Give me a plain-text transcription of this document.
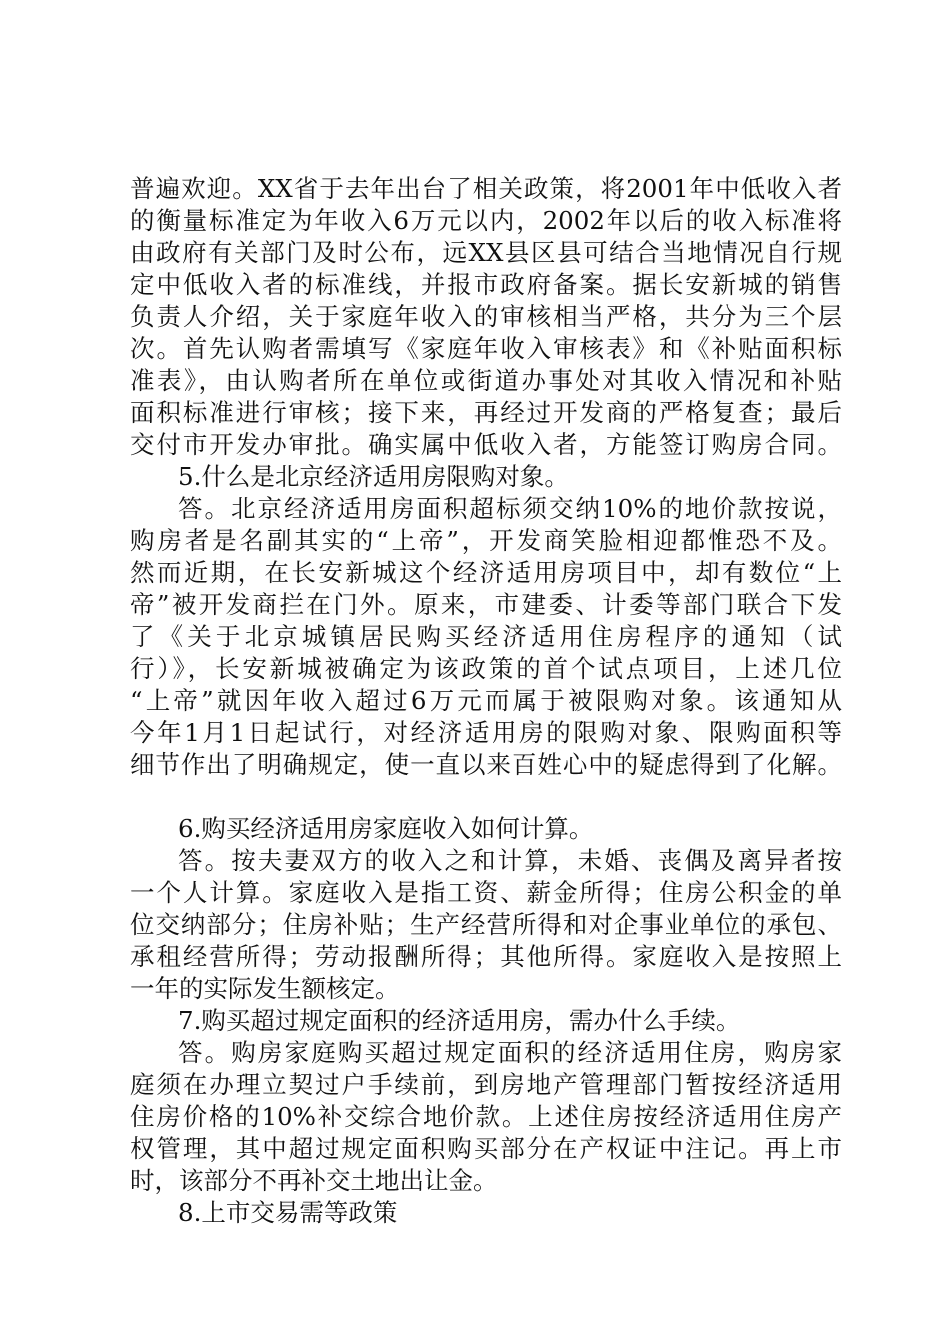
普遍欢迎。XX省于去年出台了相关政策，将2001年中低收入者
的衡量标准定为年收入6万元以内，2002年以后的收入标准将
由政府有关部门及时公布，远XX县区县可结合当地情况自行规
定中低收入者的标准线，并报市政府备案。据长安新城的销售
负责人介绍，关于家庭年收入的审核相当严格，共分为三个层
次。首先认购者需填写《家庭年收入审核表》和《补贴面积标
准表》，由认购者所在单位或街道办事处对其收入情况和补贴
面积标准进行审核；接下来，再经过开发商的严格复查；最后
交付市开发办审批。确实属中低收入者，方能签订购房合同。
5.什么是北京经济适用房限购对象。
答。北京经济适用房面积超标须交纳10%的地价款按说，
购房者是名副其实的“上帝”，开发商笑脸相迎都惟恐不及。
然而近期，在长安新城这个经济适用房项目中，却有数位“上
帝”被开发商拦在门外。原来，市建委、计委等部门联合下发
了《关于北京城镇居民购买经济适用住房程序的通知（试
行）》，长安新城被确定为该政策的首个试点项目，上述几位
“上帝”就因年收入超过6万元而属于被限购对象。该通知从
今年1月1日起试行，对经济适用房的限购对象、限购面积等
细节作出了明确规定，使一直以来百姓心中的疑虑得到了化解。
6.购买经济适用房家庭收入如何计算。
答。按夫妻双方的收入之和计算，未婚、丧偶及离异者按
一个人计算。家庭收入是指工资、薪金所得；住房公积金的单
位交纳部分；住房补贴；生产经营所得和对企事业单位的承包、
承租经营所得；劳动报酬所得；其他所得。家庭收入是按照上
一年的实际发生额核定。
7.购买超过规定面积的经济适用房，需办什么手续。
答。购房家庭购买超过规定面积的经济适用住房，购房家
庭须在办理立契过户手续前，到房地产管理部门暂按经济适用
住房价格的10%补交综合地价款。上述住房按经济适用住房产
权管理，其中超过规定面积购买部分在产权证中注记。再上市
时，该部分不再补交土地出让金。
8.上市交易需等政策
